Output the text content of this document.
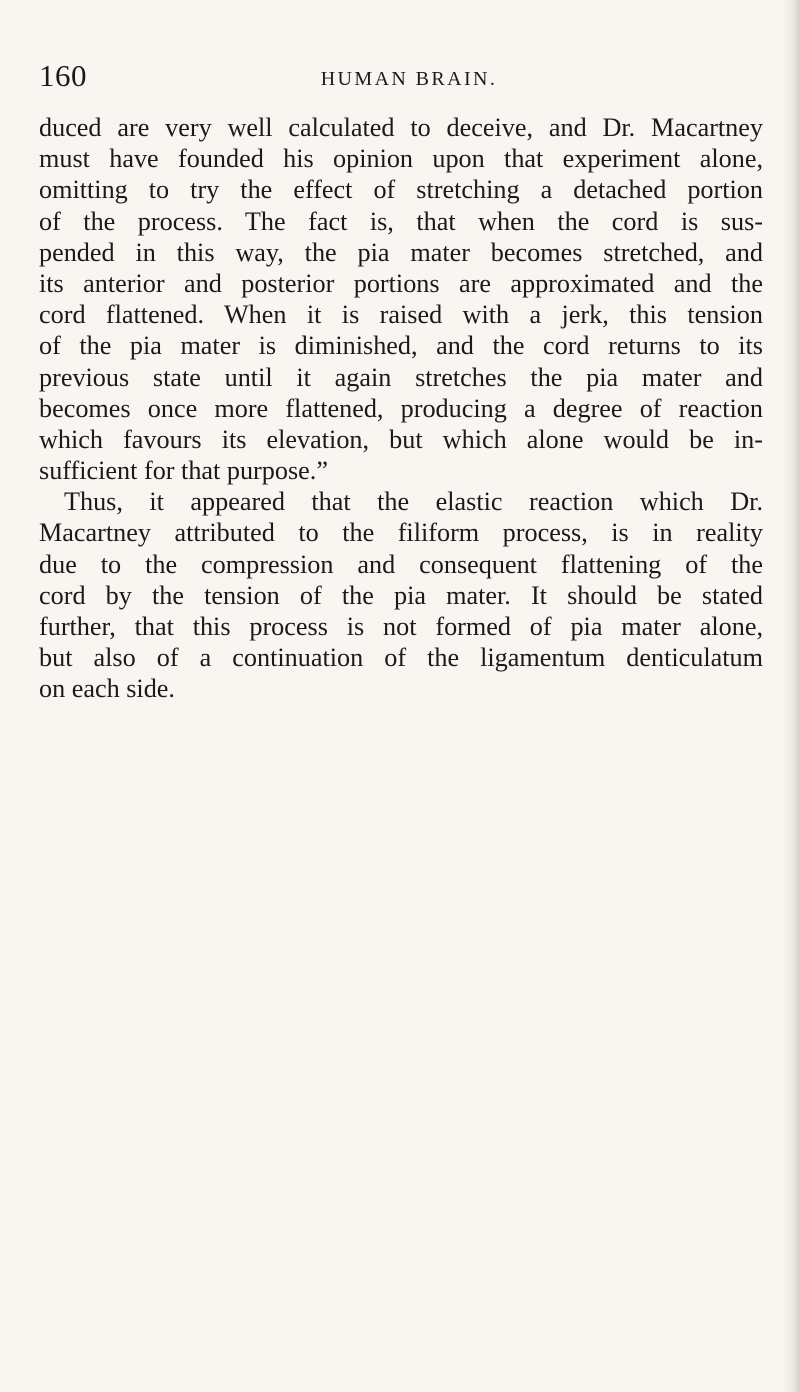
160	HUMAN BRAIN.
duced are very well calculated to deceive, and Dr. Macartney
must have founded his opinion upon that experiment alone,
omitting to try the effect of stretching a detached portion
of the process. The fact is, that when the cord is sus-
pended in this way, the pia mater becomes stretched, and
its anterior and posterior portions are approximated and the
cord flattened. When it is raised with a jerk, this tension
of the pia mater is diminished, and the cord returns to its
previous state until it again stretches the pia mater and
becomes once more flattened, producing a degree of reaction
which favours its elevation, but which alone would be in-
sufficient for that purpose.”
Thus, it appeared that the elastic reaction which Dr.
Macartney attributed to the filiform process, is in reality
due to the compression and consequent flattening of the
cord by the tension of the pia mater. It should be stated
further, that this process is not formed of pia mater alone,
but also of a continuation of the ligamentum denticulatum
on each side.
